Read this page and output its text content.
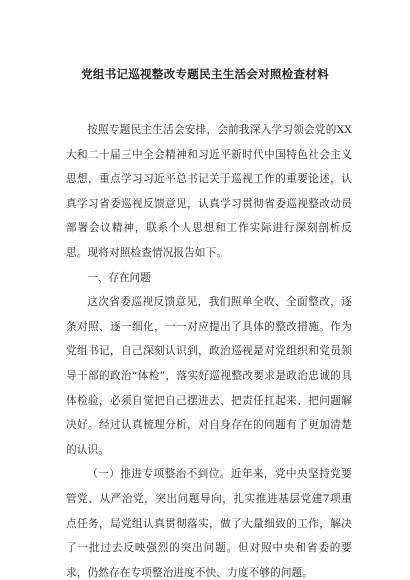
党组书记巡视整改专题民主生活会对照检查材料

按照专题民主生活会安排，会前我深入学习领会党的XX大和二十届三中全会精神和习近平新时代中国特色社会主义思想，重点学习习近平总书记关于巡视工作的重要论述，认真学习省委巡视反馈意见，认真学习贯彻省委巡视整改动员部署会议精神，联系个人思想和工作实际进行深刻剖析反思。现将对照检查情况报告如下。

一、存在问题

这次省委巡视反馈意见，我们照单全收、全面整改，逐条对照、逐一细化，一一对应提出了具体的整改措施。作为党组书记，自己深刻认识到，政治巡视是对党组织和党员领导干部的政治“体检”，落实好巡视整改要求是政治忠诚的具体检验，必须自觉把自己摆进去、把责任扛起来、把问题解决好。经过认真梳理分析，对自身存在的问题有了更加清楚的认识。

（一）推进专项整治不到位。近年来，党中央坚持党要管党、从严治党，突出问题导向，扎实推进基层党建7项重点任务，局党组认真贯彻落实，做了大量细致的工作，解决了一批过去反映强烈的突出问题。但对照中央和省委的要求，仍然存在专项整治进度不快、力度不够的问题。
